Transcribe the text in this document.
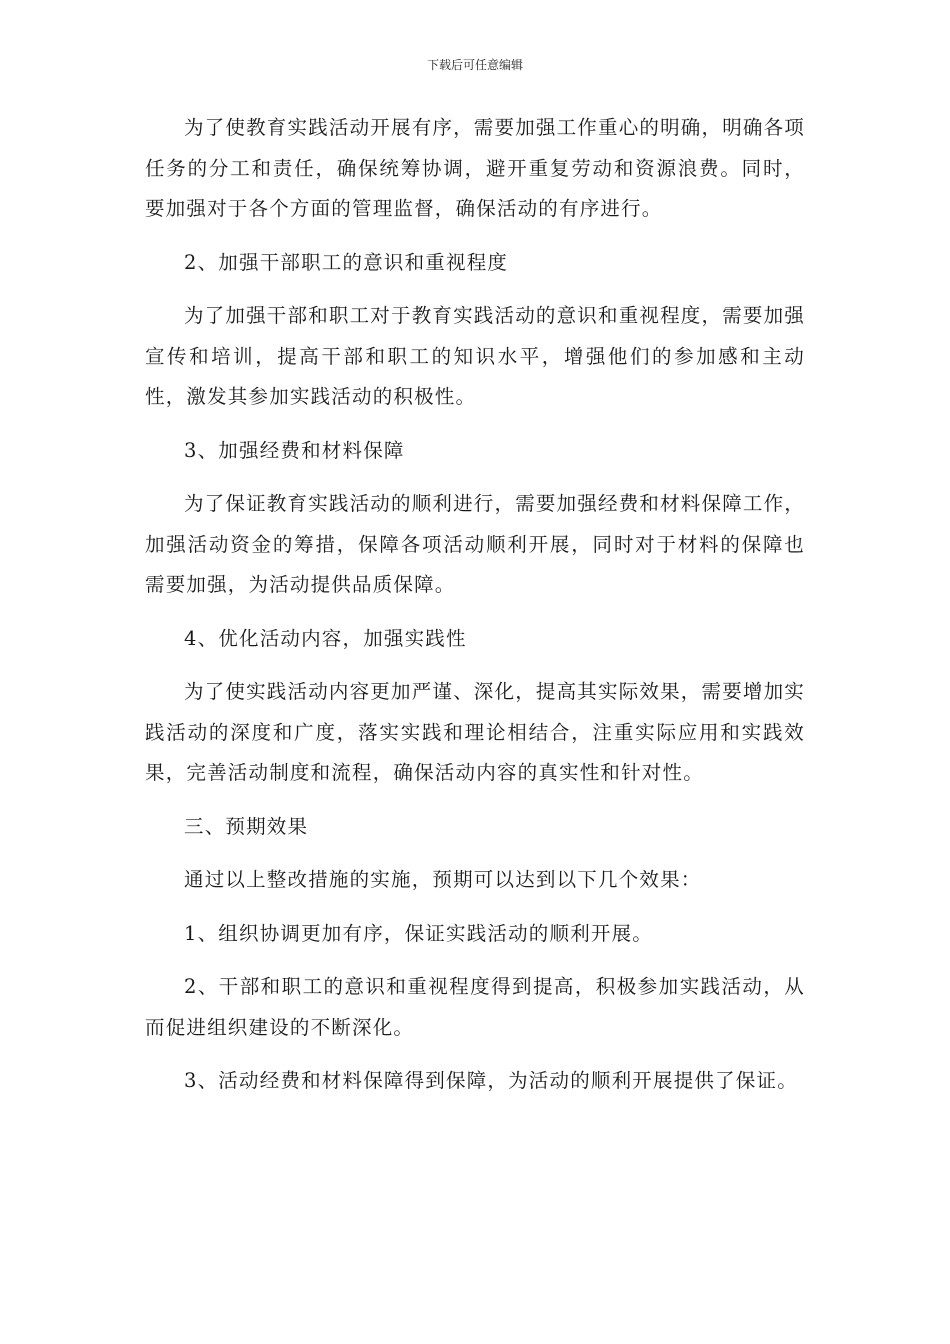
下载后可任意编辑

为了使教育实践活动开展有序，需要加强工作重心的明确，明确各项任务的分工和责任，确保统筹协调，避开重复劳动和资源浪费。同时，要加强对于各个方面的管理监督，确保活动的有序进行。

2、加强干部职工的意识和重视程度

为了加强干部和职工对于教育实践活动的意识和重视程度，需要加强宣传和培训，提高干部和职工的知识水平，增强他们的参加感和主动性，激发其参加实践活动的积极性。

3、加强经费和材料保障

为了保证教育实践活动的顺利进行，需要加强经费和材料保障工作，加强活动资金的筹措，保障各项活动顺利开展，同时对于材料的保障也需要加强，为活动提供品质保障。

4、优化活动内容，加强实践性

为了使实践活动内容更加严谨、深化，提高其实际效果，需要增加实践活动的深度和广度，落实实践和理论相结合，注重实际应用和实践效果，完善活动制度和流程，确保活动内容的真实性和针对性。

三、预期效果

通过以上整改措施的实施，预期可以达到以下几个效果：

1、组织协调更加有序，保证实践活动的顺利开展。

2、干部和职工的意识和重视程度得到提高，积极参加实践活动，从而促进组织建设的不断深化。

3、活动经费和材料保障得到保障，为活动的顺利开展提供了保证。
